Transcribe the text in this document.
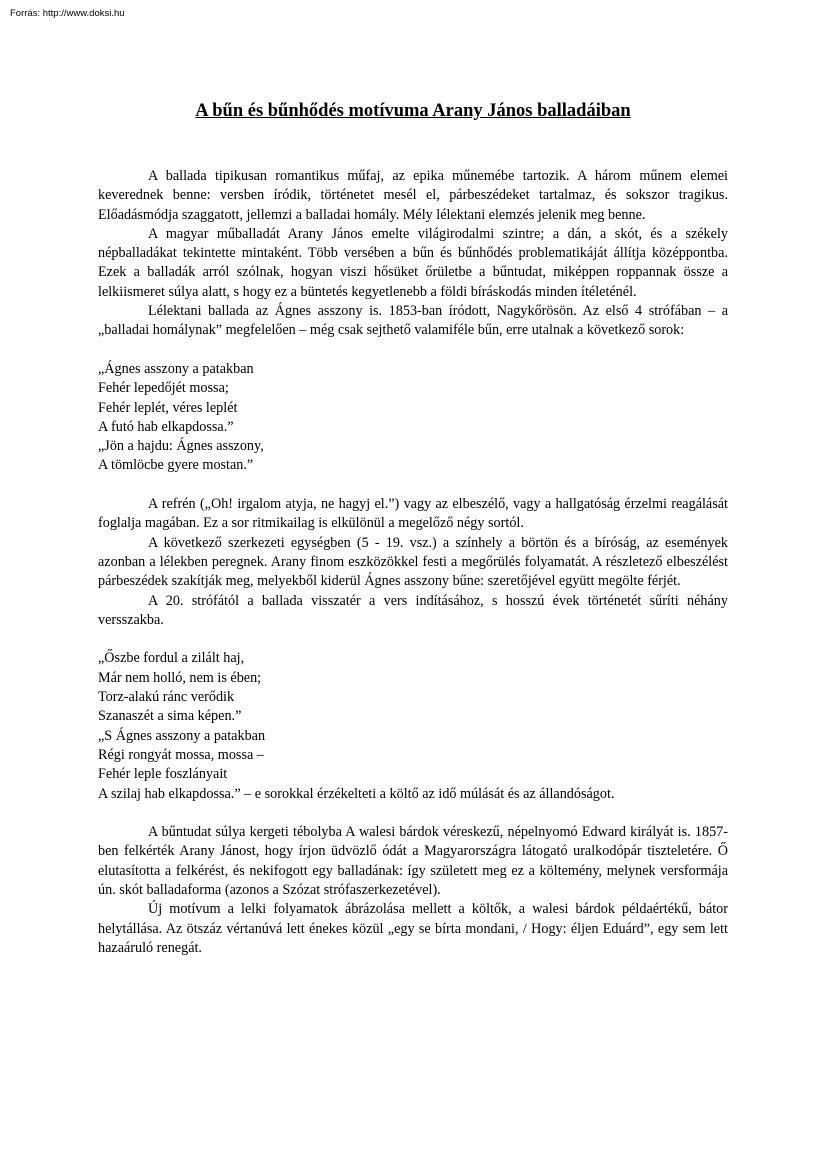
Forrás: http://www.doksi.hu
A bűn és bűnhődés motívuma Arany János balladáiban

A ballada tipikusan romantikus műfaj, az epika műnemébe tartozik. A három műnem elemei keverednek benne: versben íródik, történetet mesél el, párbeszédeket tartalmaz, és sokszor tragikus. Előadásmódja szaggatott, jellemzi a balladai homály. Mély lélektani elemzés jelenik meg benne.

A magyar műballadát Arany János emelte világirodalmi szintre; a dán, a skót, és a székely népballadákat tekintette mintaként. Több versében a bűn és bűnhődés problematikáját állítja középpontba. Ezek a balladák arról szólnak, hogyan viszi hősüket őrületbe a bűntudat, miképpen roppannak össze a lelkiismeret súlya alatt, s hogy ez a büntetés kegyetlenebb a földi bíráskodás minden ítéleténél.

Lélektani ballada az Ágnes asszony is. 1853-ban íródott, Nagykőrösön. Az első 4 strófában – a „balladai homálynak” megfelelően – még csak sejthető valamiféle bűn, erre utalnak a következő sorok:

„Ágnes asszony a patakban
Fehér lepedőjét mossa;
Fehér leplét, véres leplét
A futó hab elkapdossa.”
„Jön a hajdu: Ágnes asszony,
A tömlöcbe gyere mostan.”

A refrén („Oh! irgalom atyja, ne hagyj el.”) vagy az elbeszélő, vagy a hallgatóság érzelmi reagálását foglalja magában. Ez a sor ritmikailag is elkülönül a megelőző négy sortól.

A következő szerkezeti egységben (5 - 19. vsz.) a színhely a börtön és a bíróság, az események azonban a lélekben peregnek. Arany finom eszközökkel festi a megőrülés folyamatát. A részletező elbeszélést párbeszédek szakítják meg, melyekből kiderül Ágnes asszony bűne: szeretőjével együtt megölte férjét.

A 20. strófától a ballada visszatér a vers indításához, s hosszú évek történetét sűríti néhány versszakba.

„Őszbe fordul a zilált haj,
Már nem holló, nem is ében;
Torz-alakú ránc verődik
Szanaszét a sima képen.”
„S Ágnes asszony a patakban
Régi rongyát mossa, mossa –
Fehér leple foszlányait
A szilaj hab elkapdossa.” – e sorokkal érzékelteti a költő az idő múlását és az állandóságot.

A bűntudat súlya kergeti tébolyba A walesi bárdok véreskezű, népelnyomó Edward királyát is. 1857-ben felkérték Arany Jánost, hogy írjon üdvözlő ódát a Magyarországra látogató uralkodópár tiszteletére. Ő elutasította a felkérést, és nekifogott egy balladának: így született meg ez a költemény, melynek versformája ún. skót balladaforma (azonos a Szózat strófaszerkezetével).

Új motívum a lelki folyamatok ábrázolása mellett a költők, a walesi bárdok példaértékű, bátor helytállása. Az ötszáz vértanúvá lett énekes közül „egy se bírta mondani, / Hogy: éljen Eduárd”, egy sem lett hazaáruló renegát.
